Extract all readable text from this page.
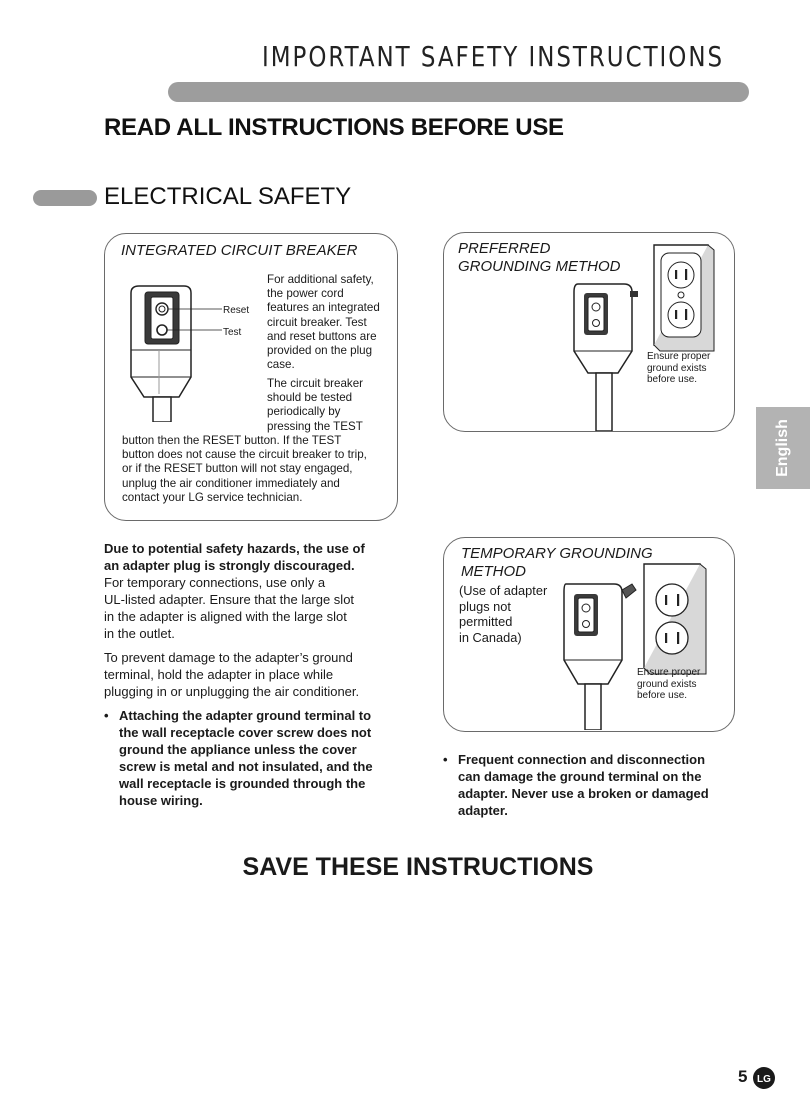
IMPORTANT SAFETY INSTRUCTIONS
READ ALL INSTRUCTIONS BEFORE USE
ELECTRICAL SAFETY
English
INTEGRATED CIRCUIT BREAKER
Reset
Test
For additional safety,
the power cord
features an integrated
circuit breaker. Test
and reset buttons are
provided on the plug
case.
The circuit breaker
should be tested
periodically by
pressing the TEST
button then the RESET button. If the TEST
button does not cause the circuit breaker to trip,
or if the RESET button will not stay engaged,
unplug the air conditioner immediately and
contact your LG service technician.
PREFERRED
GROUNDING METHOD
Ensure proper
ground exists
before use.
TEMPORARY GROUNDING
METHOD
(Use of adapter
plugs not
permitted
in Canada)
Ensure proper
ground exists
before use.
Due to potential safety hazards, the use of
an adapter plug is strongly discouraged.
For temporary connections, use only a
UL-listed adapter. Ensure that the large slot
in the adapter is aligned with the large slot
in the outlet.
To prevent damage to the adapter’s ground
terminal, hold the adapter in place while
plugging in or unplugging the air conditioner.
• Attaching the adapter ground terminal to
the wall receptacle cover screw does not
ground the appliance unless the cover
screw is metal and not insulated, and the
wall receptacle is grounded through the
house wiring.
• Frequent connection and disconnection
can damage the ground terminal on the
adapter. Never use a broken or damaged
adapter.
SAVE THESE INSTRUCTIONS
5 LG
